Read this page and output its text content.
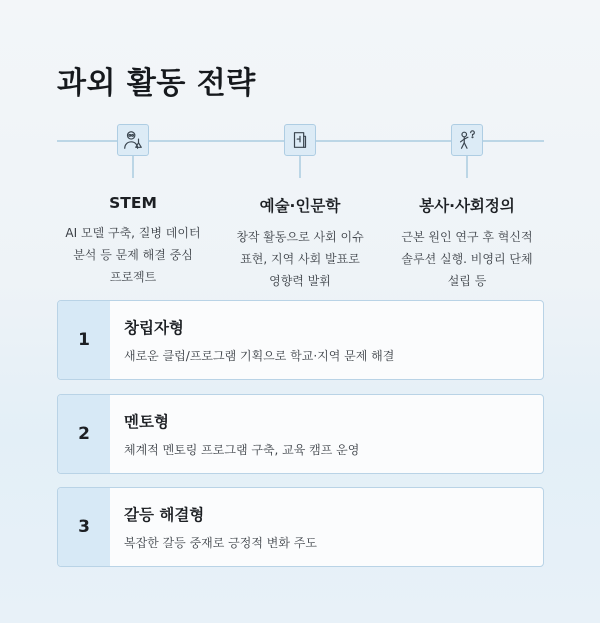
과외 활동 전략
STEM
AI 모델 구축, 질병 데이터 분석 등 문제 해결 중심 프로젝트
예술·인문학
창작 활동으로 사회 이슈 표현, 지역 사회 발표로 영향력 발휘
봉사·사회정의
근본 원인 연구 후 혁신적 솔루션 실행. 비영리 단체 설립 등
1
창립자형
새로운 클럽/프로그램 기획으로 학교·지역 문제 해결
2
멘토형
체계적 멘토링 프로그램 구축, 교육 캠프 운영
3
갈등 해결형
복잡한 갈등 중재로 긍정적 변화 주도
